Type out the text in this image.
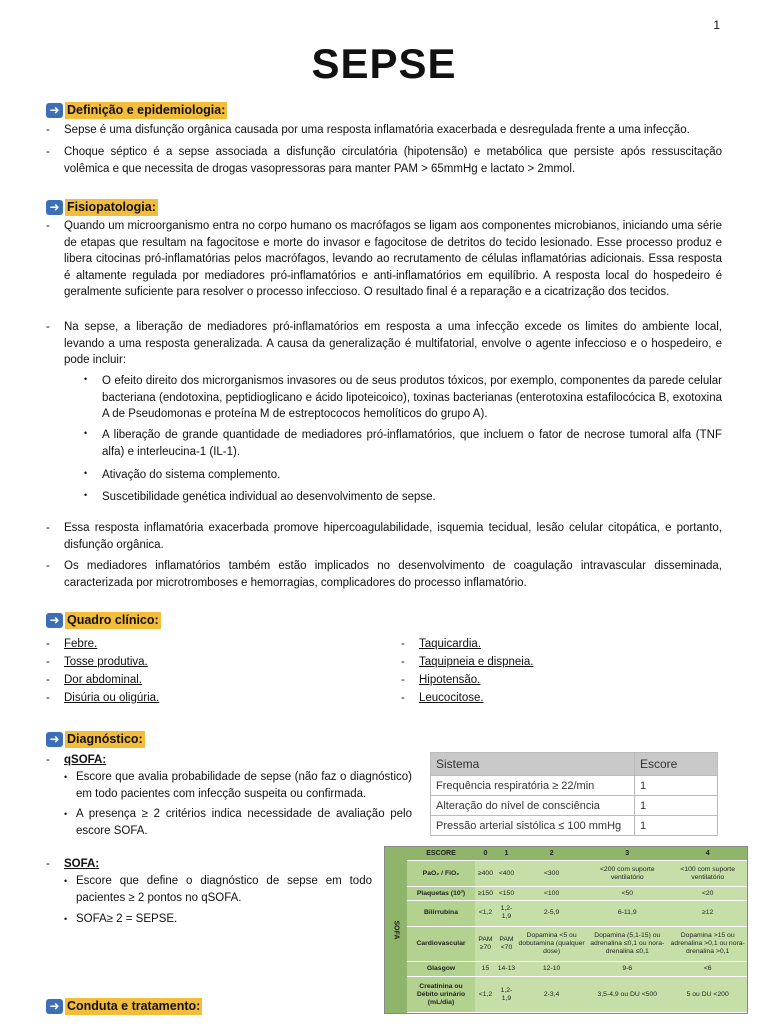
1
SEPSE
➜ Definição e epidemiologia:
- Sepse é uma disfunção orgânica causada por uma resposta inflamatória exacerbada e desregulada frente a uma infecção.
- Choque séptico é a sepse associada a disfunção circulatória (hipotensão) e metabólica que persiste após ressuscitação volêmica e que necessita de drogas vasopressoras para manter PAM > 65mmHg e lactato > 2mmol.
➜ Fisiopatologia:
- Quando um microorganismo entra no corpo humano os macrófagos se ligam aos componentes microbianos, iniciando uma série de etapas que resultam na fagocitose e morte do invasor e fagocitose de detritos do tecido lesionado. Esse processo produz e libera citocinas pró-inflamatórias pelos macrófagos, levando ao recrutamento de células inflamatórias adicionais. Essa resposta é altamente regulada por mediadores pró-inflamatórios e anti-inflamatórios em equilíbrio. A resposta local do hospedeiro é geralmente suficiente para resolver o processo infeccioso. O resultado final é a reparação e a cicatrização dos tecidos.
- Na sepse, a liberação de mediadores pró-inflamatórios em resposta a uma infecção excede os limites do ambiente local, levando a uma resposta generalizada. A causa da generalização é multifatorial, envolve o agente infeccioso e o hospedeiro, e pode incluir:
• O efeito direito dos microrganismos invasores ou de seus produtos tóxicos, por exemplo, componentes da parede celular bacteriana (endotoxina, peptidioglicano e ácido lipoteicoico), toxinas bacterianas (enterotoxina estafilocócica B, exotoxina A de Pseudomonas e proteína M de estreptococos hemolíticos do grupo A).
• A liberação de grande quantidade de mediadores pró-inflamatórios, que incluem o fator de necrose tumoral alfa (TNF alfa) e interleucina-1 (IL-1).
• Ativação do sistema complemento.
• Suscetibilidade genética individual ao desenvolvimento de sepse.
- Essa resposta inflamatória exacerbada promove hipercoagulabilidade, isquemia tecidual, lesão celular citopática, e portanto, disfunção orgânica.
- Os mediadores inflamatórios também estão implicados no desenvolvimento de coagulação intravascular disseminada, caracterizada por microtromboses e hemorragias, complicadores do processo inflamatório.
➜ Quadro clínico:
- Febre.
- Tosse produtiva.
- Dor abdominal.
- Disúria ou oligúria.
- Taquicardia.
- Taquipneia e dispneia.
- Hipotensão.
- Leucocitose.
➜ Diagnóstico:
- qSOFA:
• Escore que avalia probabilidade de sepse (não faz o diagnóstico) em todo pacientes com infecção suspeita ou confirmada.
• A presença ≥ 2 critérios indica necessidade de avaliação pelo escore SOFA.
- SOFA:
• Escore que define o diagnóstico de sepse em todo pacientes ≥ 2 pontos no qSOFA.
• SOFA≥ 2 = SEPSE.
Sistema	Escore
Frequência respiratória ≥ 22/min	1
Alteração do nível de consciência	1
Pressão arterial sistólica ≤ 100 mmHg	1
SOFA	ESCORE	0	1	2	3	4
	PaO₂ / FiO₂	≥400	<400	<300	<200 com suporte ventilatório	<100 com suporte ventilatório
	Plaquetas (10³)	≥150	<150	<100	<50	<20
	Bilirrubina	<1,2	1,2-1,9	2-5,9	6-11,9	≥12
	Cardiovascular	PAM ≥70	PAM <70	Dopamina <5 ou dobutamina (qualquer dose)	Dopamina (5,1-15) ou adrenalina ≤0,1 ou nora-drenalina ≤0,1	Dopamina >15 ou adrenalina >0,1 ou nora-drenalina >0,1
	Glasgow	15	14-13	12-10	9-6	<6
	Creatinina ou Débito urinário (mL/dia)	<1,2	1,2-1,9	2-3,4	3,5-4,9 ou DU <500	5 ou DU <200
➜ Conduta e tratamento:
